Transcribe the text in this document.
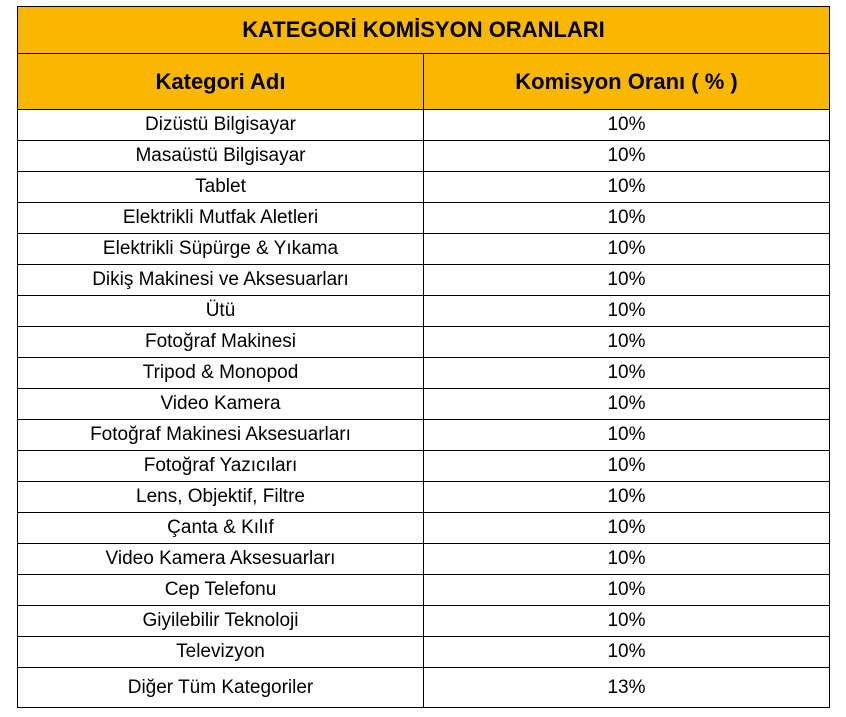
KATEGORİ KOMİSYON ORANLARI	
Kategori Adı	Komisyon Oranı ( % )
Dizüstü Bilgisayar	10%
Masaüstü Bilgisayar	10%
Tablet	10%
Elektrikli Mutfak Aletleri	10%
Elektrikli Süpürge & Yıkama	10%
Dikiş Makinesi ve Aksesuarları	10%
Ütü	10%
Fotoğraf Makinesi	10%
Tripod & Monopod	10%
Video Kamera	10%
Fotoğraf Makinesi Aksesuarları	10%
Fotoğraf Yazıcıları	10%
Lens, Objektif, Filtre	10%
Çanta & Kılıf	10%
Video Kamera Aksesuarları	10%
Cep Telefonu	10%
Giyilebilir Teknoloji	10%
Televizyon	10%
Diğer Tüm Kategoriler	13%
